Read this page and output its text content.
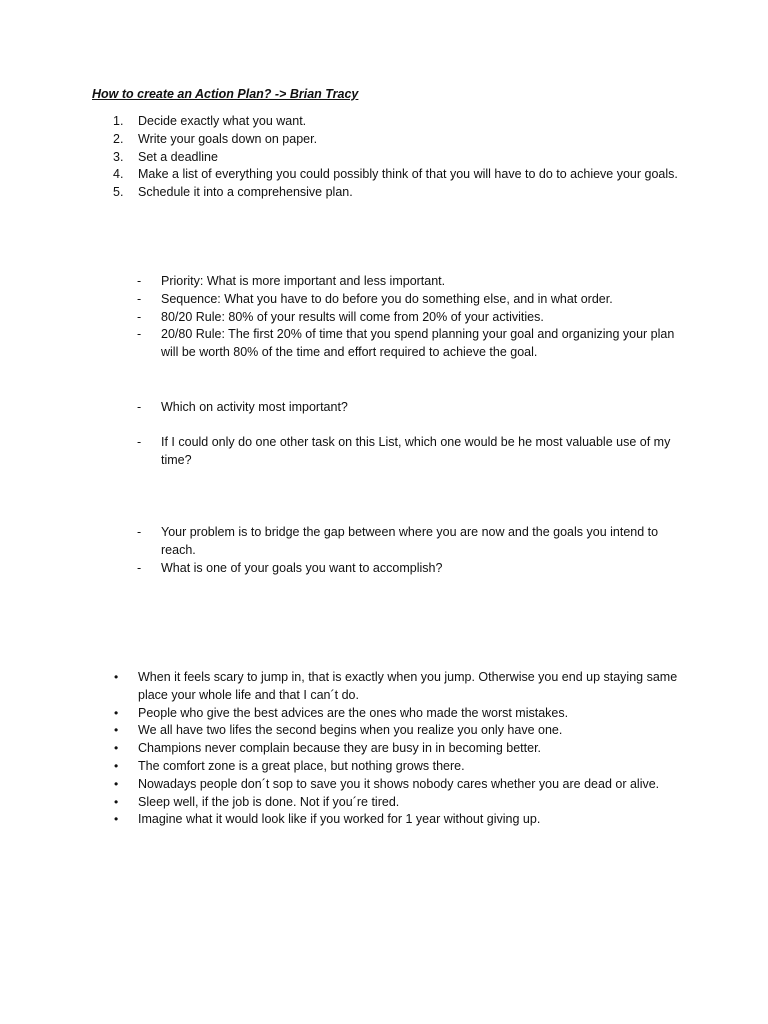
How to create an Action Plan? -> Brian Tracy
1.	Decide exactly what you want.
2.	Write your goals down on paper.
3.	Set a deadline
4.	Make a list of everything you could possibly think of that you will have to do to achieve your goals.
5.	Schedule it into a comprehensive plan.
-	Priority: What is more important and less important.
-	Sequence: What you have to do before you do something else, and in what order.
-	80/20 Rule: 80% of your results will come from 20% of your activities.
-	20/80 Rule: The first 20% of time that you spend planning your goal and organizing your plan will be worth 80% of the time and effort required to achieve the goal.
-	Which on activity most important?
-	If I could only do one other task on this List, which one would be he most valuable use of my time?
-	Your problem is to bridge the gap between where you are now and the goals you intend to reach.
-	What is one of your goals you want to accomplish?
•	When it feels scary to jump in, that is exactly when you jump. Otherwise you end up staying same place your whole life and that I can´t do.
•	People who give the best advices are the ones who made the worst mistakes.
•	We all have two lifes the second begins when you realize you only have one.
•	Champions never complain because they are busy in in becoming better.
•	The comfort zone is a great place, but nothing grows there.
•	Nowadays people don´t sop to save you it shows nobody cares whether you are dead or alive.
•	Sleep well, if the job is done. Not if you´re tired.
•	Imagine what it would look like if you worked for 1 year without giving up.
